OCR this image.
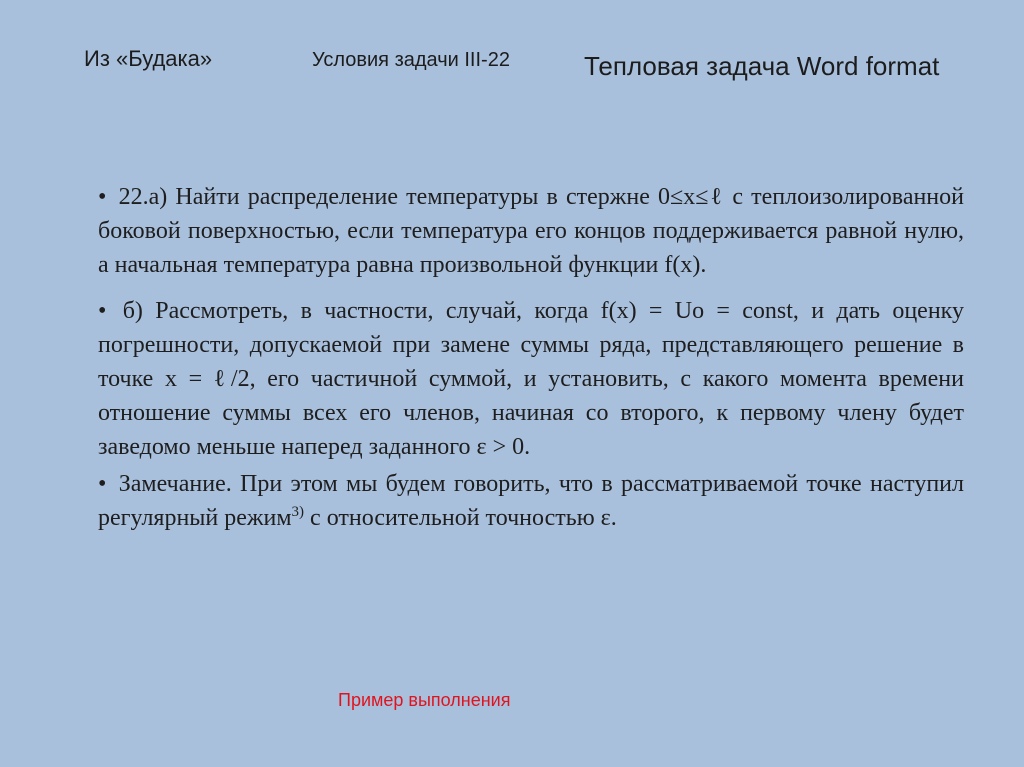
Из «Будака»	Условия задачи III-22	Тепловая задача Word format

• 22.а) Найти распределение температуры в стержне 0≤x≤ℓ с теплоизолированной боковой поверхностью, если температура его концов поддерживается равной нулю, а начальная температура равна произвольной функции f(x).

• б) Рассмотреть, в частности, случай, когда f(x) = Uo = const, и дать оценку погрешности, допускаемой при замене суммы ряда, представляющего решение в точке x = ℓ/2, его частичной суммой, и установить, с какого момента времени отношение суммы всех его членов, начиная со второго, к первому члену будет заведомо меньше наперед заданного ε > 0.

• Замечание. При этом мы будем говорить, что в рассматриваемой точке наступил регулярный режим$^{3)}$ с относительной точностью ε.

Пример выполнения
